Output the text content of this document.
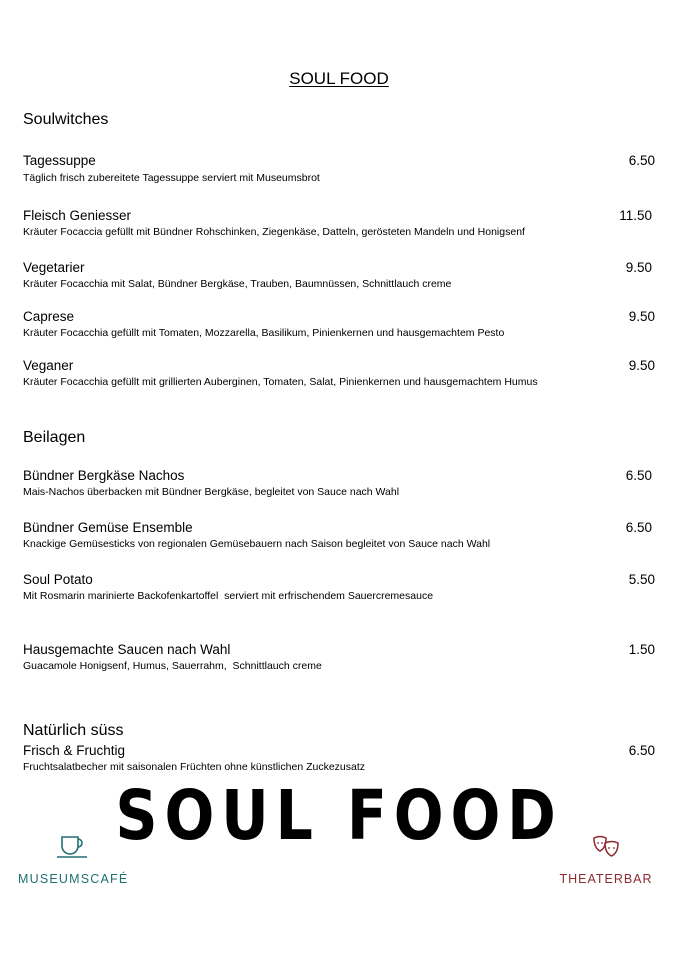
SOUL FOOD
Soulwitches
Tagessuppe	6.50
Täglich frisch zubereitete Tagessuppe serviert mit Museumsbrot
Fleisch Geniesser	11.50
Kräuter Focaccia gefüllt mit Bündner Rohschinken, Ziegenkäse, Datteln, gerösteten Mandeln und Honigsenf
Vegetarier	9.50
Kräuter Focacchia mit Salat, Bündner Bergkäse, Trauben, Baumnüssen, Schnittlauch creme
Caprese	9.50
Kräuter Focacchia gefüllt mit Tomaten, Mozzarella, Basilikum, Pinienkernen und hausgemachtem Pesto
Veganer	9.50
Kräuter Focacchia gefüllt mit grillierten Auberginen, Tomaten, Salat, Pinienkernen und hausgemachtem Humus
Beilagen
Bündner Bergkäse Nachos	6.50
Mais-Nachos überbacken mit Bündner Bergkäse, begleitet von Sauce nach Wahl
Bündner Gemüse Ensemble	6.50
Knackige Gemüsesticks von regionalen Gemüsebauern nach Saison begleitet von Sauce nach Wahl
Soul Potato	5.50
Mit Rosmarin marinierte Backofenkartoffel  serviert mit erfrischendem Sauercremesauce
Hausgemachte Saucen nach Wahl	1.50
Guacamole Honigsenf, Humus, Sauerrahm,  Schnittlauch creme
Natürlich süss
Frisch & Fruchtig	6.50
Fruchtsalatbecher mit saisonalen Früchten ohne künstlichen Zuckezusatz
SOUL FOOD
MUSEUMSCAFÉ	THEATERBAR
